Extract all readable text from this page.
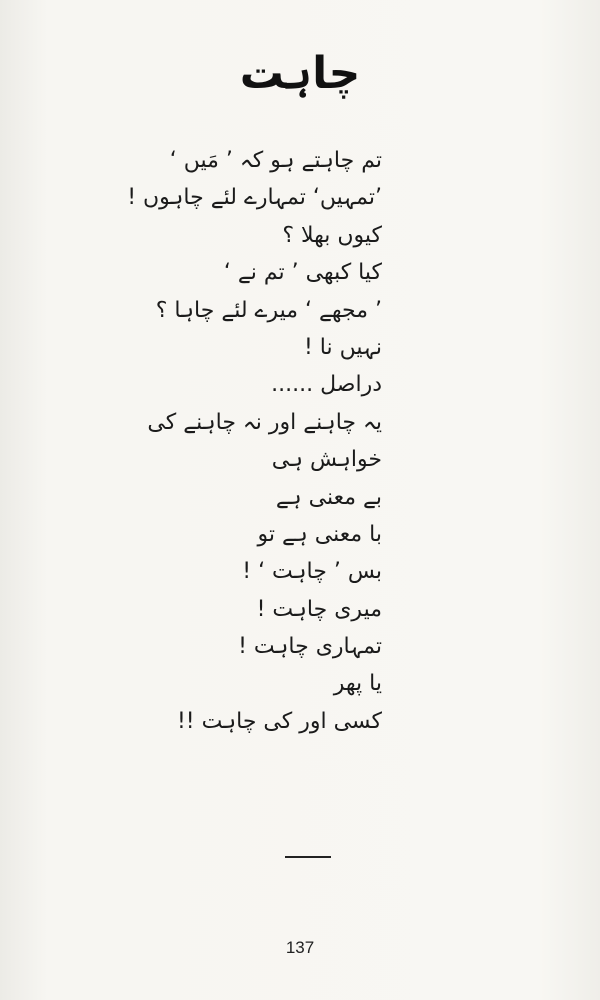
چاہت
تم چاہتے ہو کہ ’ مَیں ‘
’تمہیں‘ تمہارے لئے چاہوں !
کیوں بھلا ؟
کیا کبھی ’ تم نے ‘
’ مجھے ‘ میرے لئے چاہا ؟
نہیں نا !
دراصل ......
یہ چاہنے اور نہ چاہنے کی
خواہش ہی
بے معنی ہے
با معنی ہے تو
بس ’ چاہت ‘ !
میری چاہت !
تمہاری چاہت !
یا پھر
کسی اور کی چاہت !!
137
